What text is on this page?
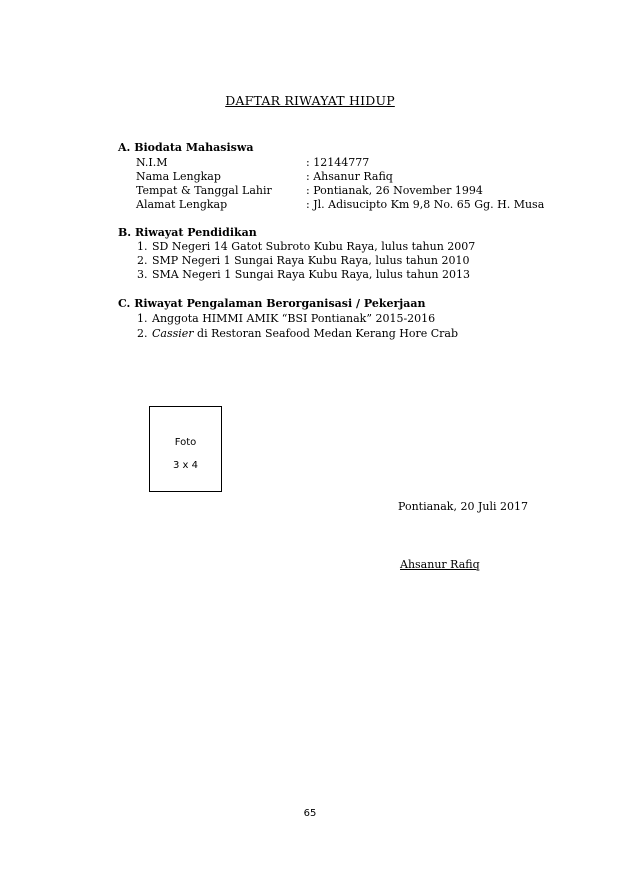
DAFTAR RIWAYAT HIDUP
A. Biodata Mahasiswa
N.I.M	: 12144777
Nama Lengkap	: Ahsanur Rafiq
Tempat & Tanggal Lahir	: Pontianak, 26 November 1994
Alamat Lengkap	: Jl. Adisucipto Km 9,8 No. 65 Gg. H. Musa
B. Riwayat Pendidikan
1. SD Negeri 14 Gatot Subroto Kubu Raya, lulus tahun 2007
2. SMP Negeri 1 Sungai Raya Kubu Raya, lulus tahun 2010
3. SMA Negeri 1 Sungai Raya Kubu Raya, lulus tahun 2013
C. Riwayat Pengalaman Berorganisasi / Pekerjaan
1. Anggota HIMMI AMIK “BSI Pontianak” 2015-2016
2. Cassier di Restoran Seafood Medan Kerang Hore Crab
Foto
3 x 4
Pontianak, 20 Juli 2017
Ahsanur Rafiq
65
